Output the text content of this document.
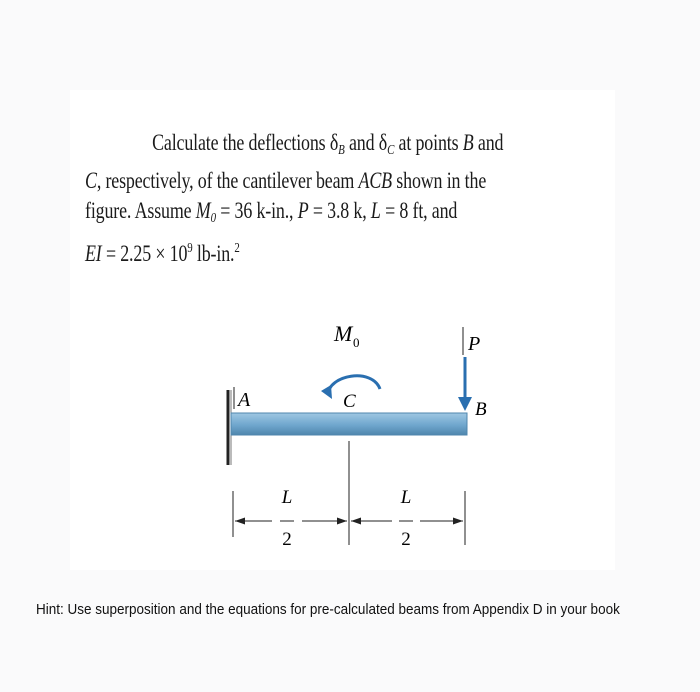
Calculate the deflections $\delta_B$ and $\delta_C$ at points B and

C, respectively, of the cantilever beam ACB shown in the

figure. Assume $M_0 = 36$ k-in., P = 3.8 k, L = 8 ft, and

EI = $2.25 \times 10^9$ lb-in.$^2$

A
M 0
C
P
B
L
2
L
2
Hint: Use superposition and the equations for pre-calculated beams from Appendix D in your book
